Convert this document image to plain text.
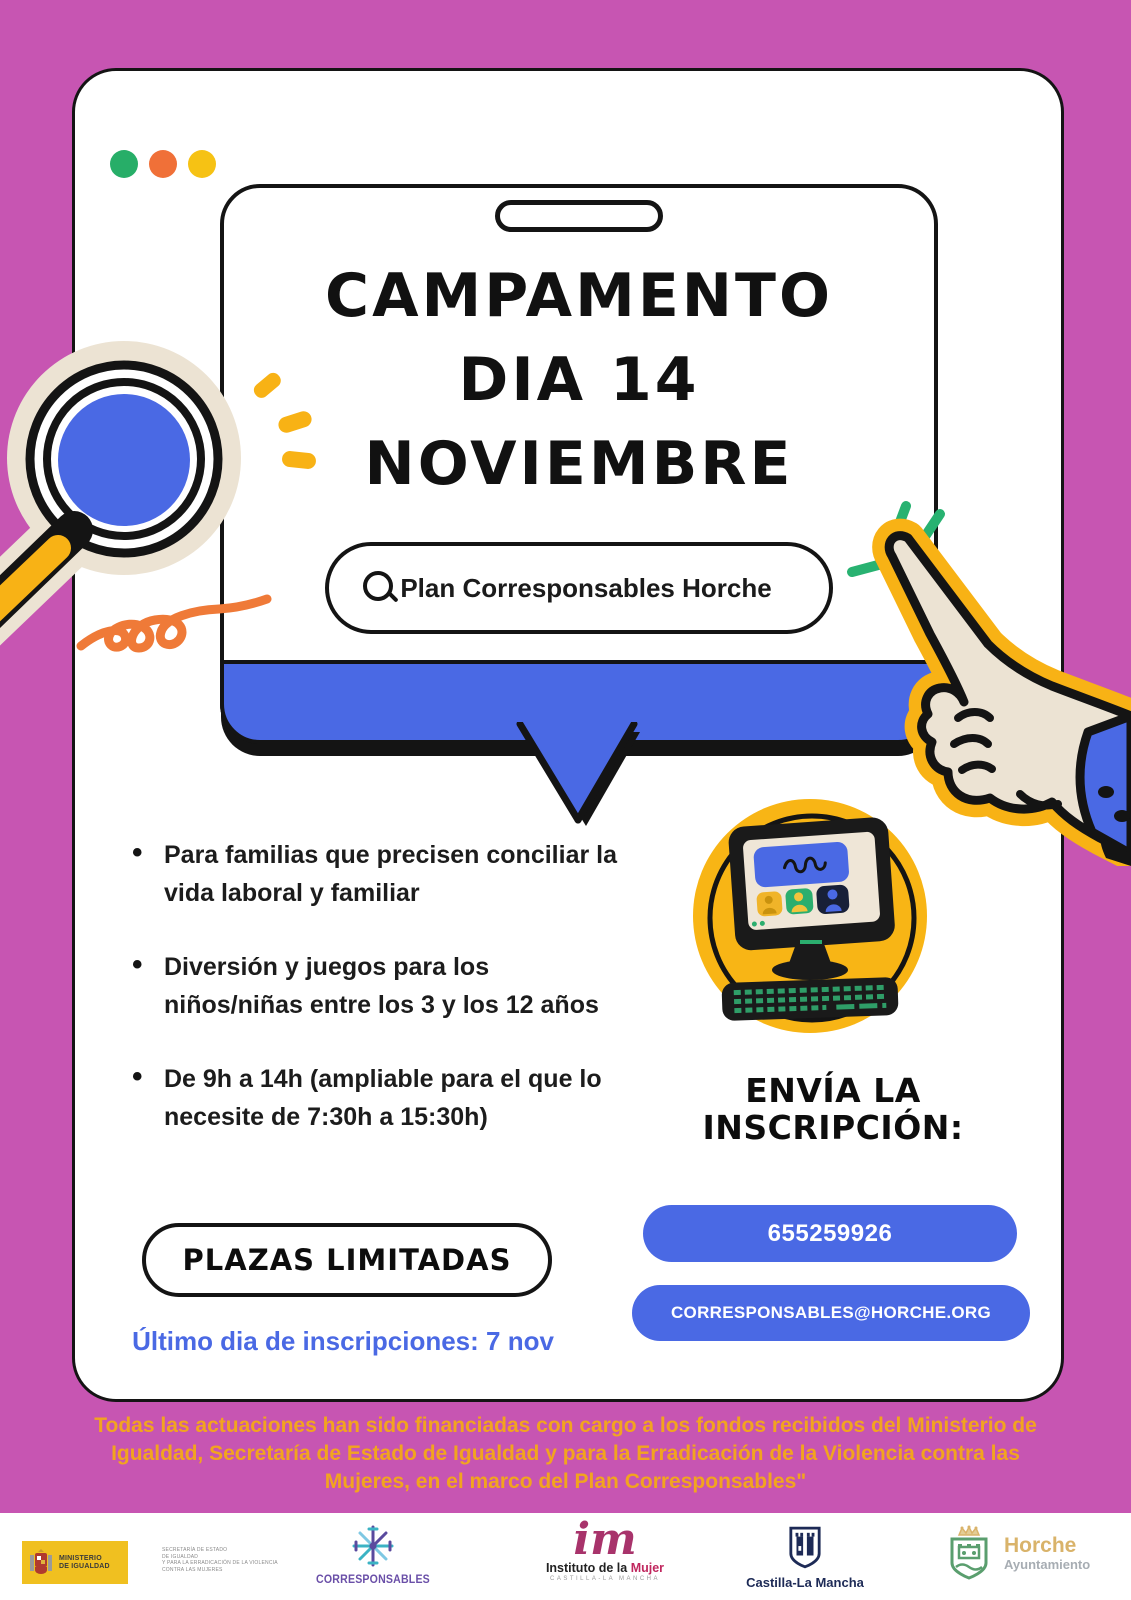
CAMPAMENTO
DIA 14
NOVIEMBRE
Plan Corresponsables Horche
• Para familias que precisen conciliar la vida laboral y familiar
• Diversión y juegos para los niños/niñas entre los 3 y los 12 años
• De 9h a 14h (ampliable para el que lo necesite de 7:30h a 15:30h)
ENVÍA LA INSCRIPCIÓN:
655259926
CORRESPONSABLES@HORCHE.ORG
PLAZAS LIMITADAS
Último dia de inscripciones: 7 nov
Todas las actuaciones han sido financiadas con cargo a los fondos recibidos del Ministerio de Igualdad, Secretaría de Estado de Igualdad y para la Erradicación de la Violencia contra las Mujeres, en el marco del Plan Corresponsables"
MINISTERIO
DE IGUALDAD
SECRETARÍA DE ESTADO
DE IGUALDAD
Y PARA LA ERRADICACIÓN DE LA VIOLENCIA
CONTRA LAS MUJERES
CORRESPONSABLES
im
Instituto de la Mujer
CASTILLA-LA MANCHA	Castilla-La Mancha
Horche
Ayuntamiento
